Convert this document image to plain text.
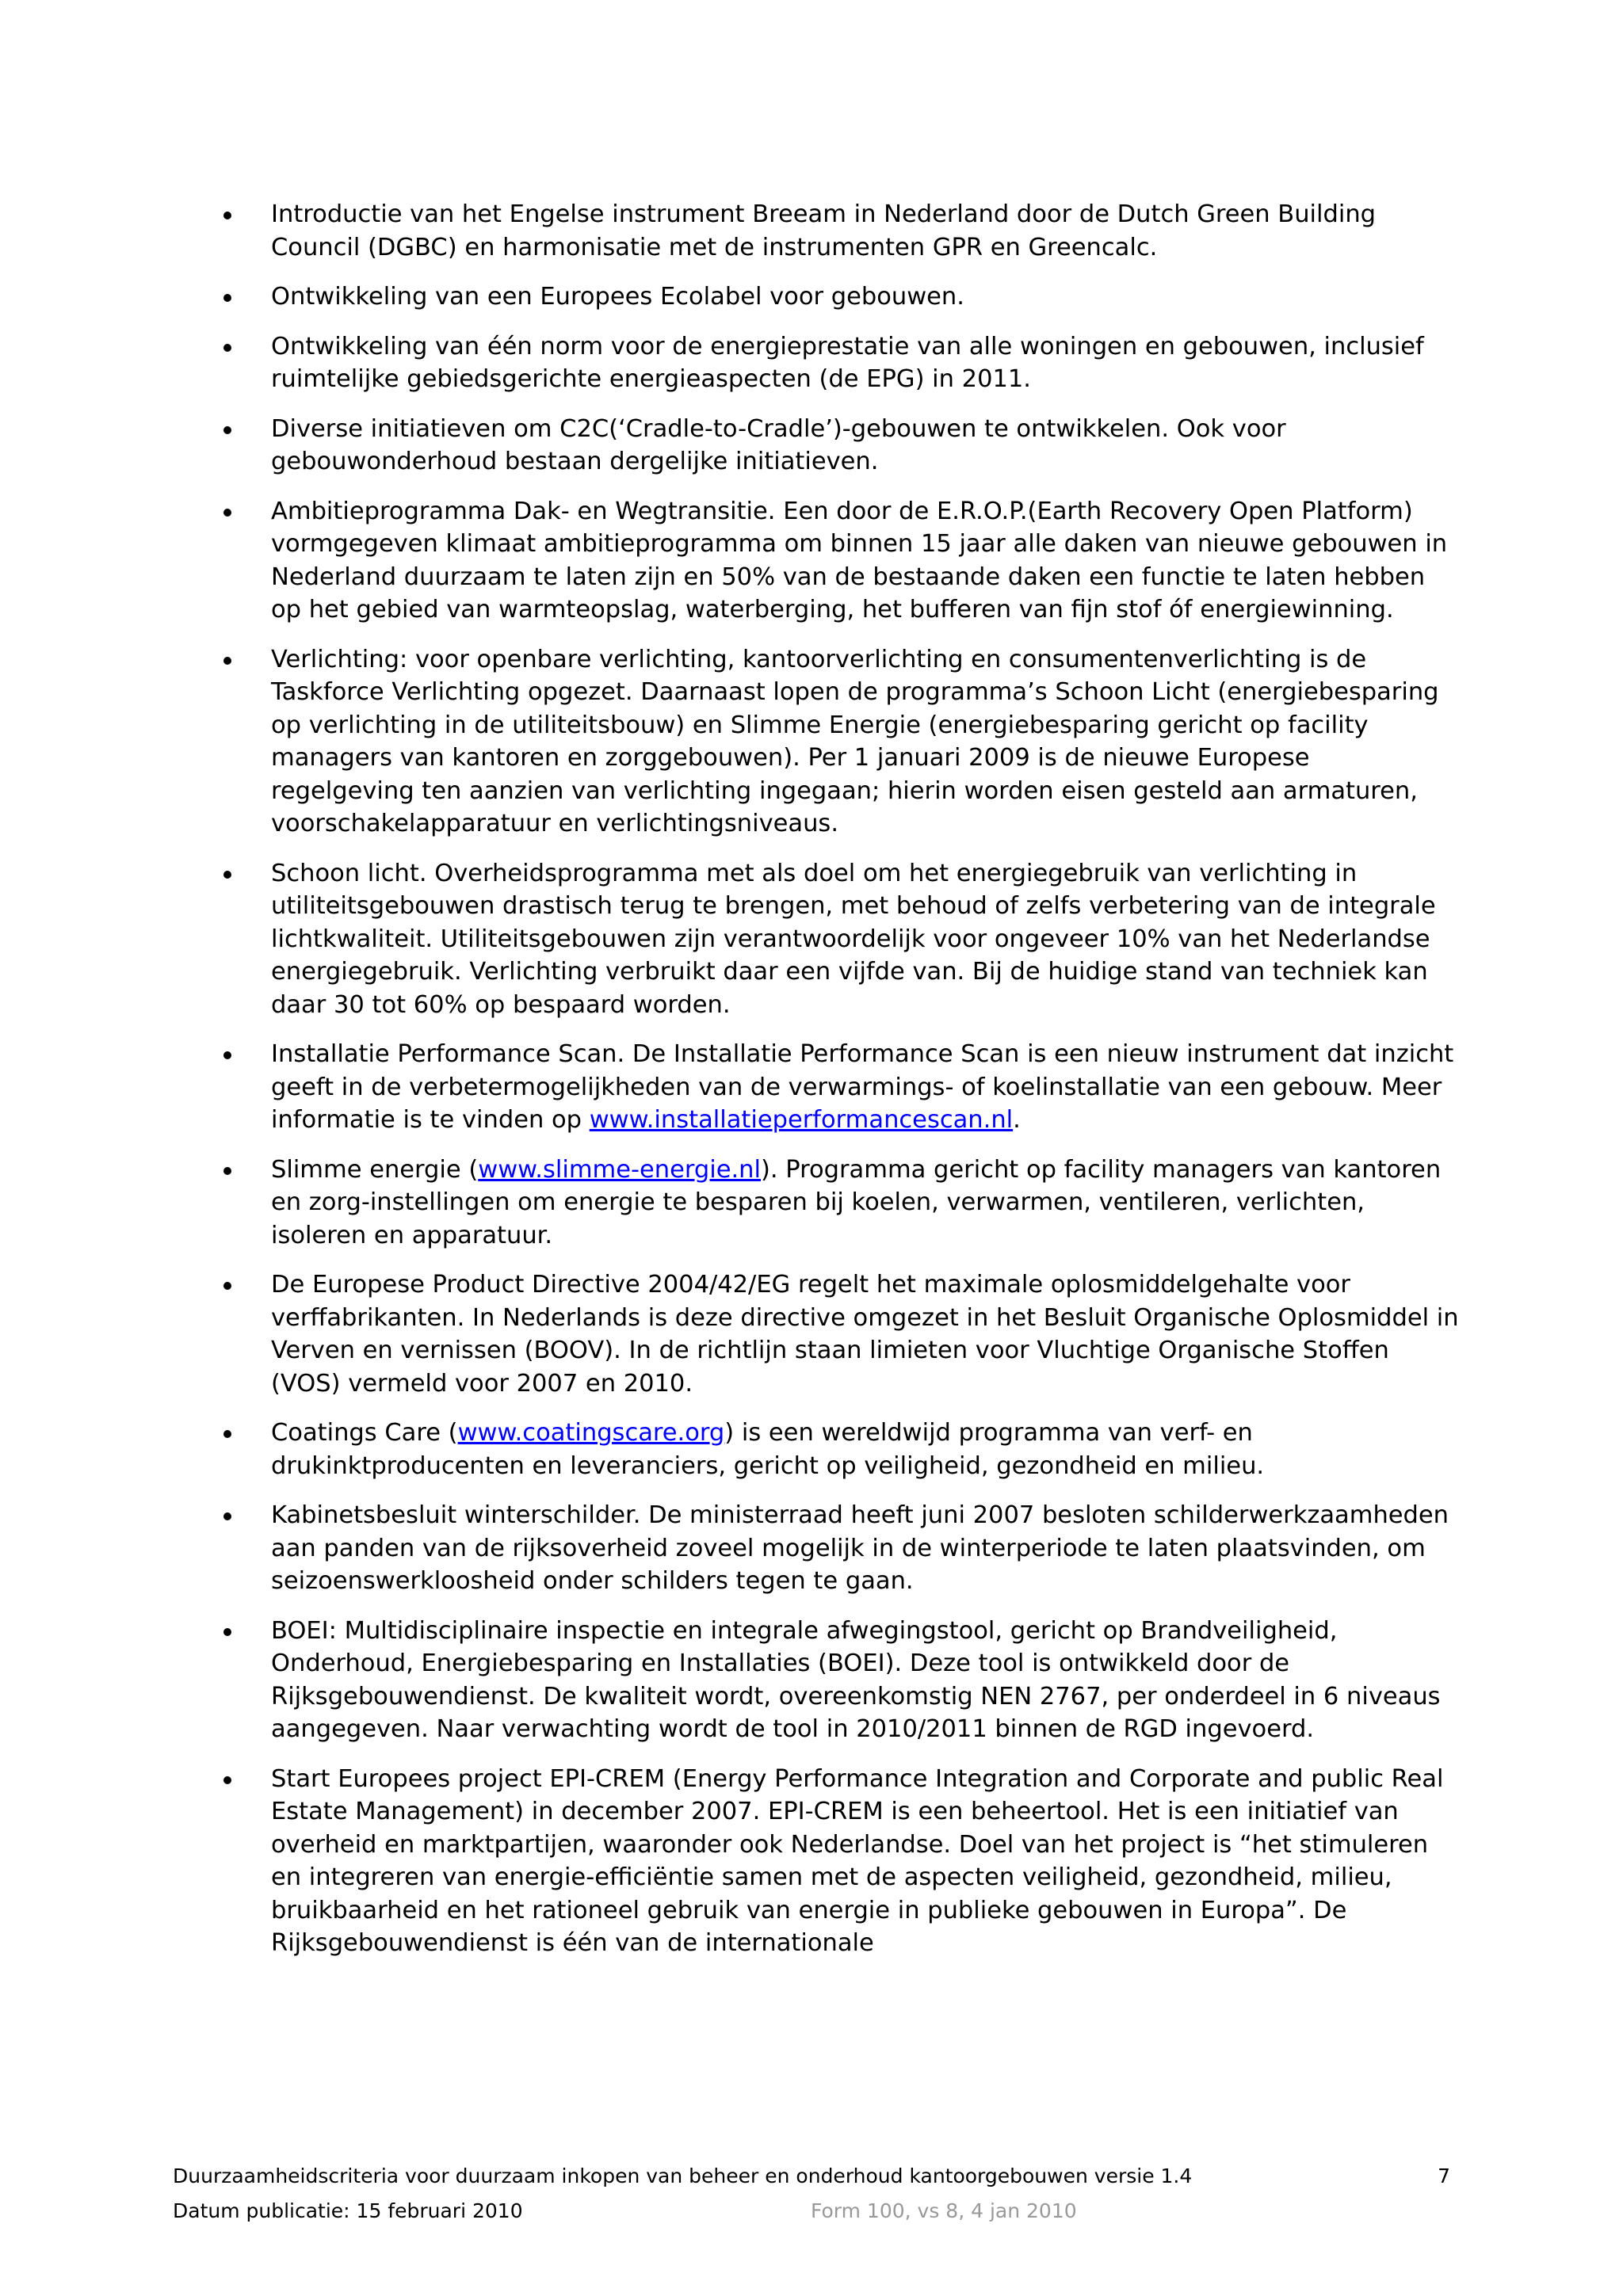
Introductie van het Engelse instrument Breeam in Nederland door de Dutch Green Building Council (DGBC) en harmonisatie met de instrumenten GPR en Greencalc.
Ontwikkeling van een Europees Ecolabel voor gebouwen.
Ontwikkeling van één norm voor de energieprestatie van alle woningen en gebouwen, inclusief ruimtelijke gebiedsgerichte energieaspecten (de EPG) in 2011.
Diverse initiatieven om C2C(‘Cradle-to-Cradle’)-gebouwen te ontwikkelen. Ook voor gebouwonderhoud bestaan dergelijke initiatieven.
Ambitieprogramma Dak- en Wegtransitie. Een door de E.R.O.P.(Earth Recovery Open Platform) vormgegeven klimaat ambitieprogramma om binnen 15 jaar alle daken van nieuwe gebouwen in Nederland duurzaam te laten zijn en 50% van de bestaande daken een functie te laten hebben op het gebied van warmteopslag, waterberging, het bufferen van fijn stof óf energiewinning.
Verlichting: voor openbare verlichting, kantoorverlichting en consumentenverlichting is de Taskforce Verlichting opgezet. Daarnaast lopen de programma’s Schoon Licht (energiebesparing op verlichting in de utiliteitsbouw) en Slimme Energie (energiebesparing gericht op facility managers van kantoren en zorggebouwen). Per 1 januari 2009 is de nieuwe Europese regelgeving ten aanzien van verlichting ingegaan; hierin worden eisen gesteld aan armaturen, voorschakelapparatuur en verlichtingsniveaus.
Schoon licht. Overheidsprogramma met als doel om het energiegebruik van verlichting in utiliteitsgebouwen drastisch terug te brengen, met behoud of zelfs verbetering van de integrale lichtkwaliteit. Utiliteitsgebouwen zijn verantwoordelijk voor ongeveer 10% van het Nederlandse energiegebruik. Verlichting verbruikt daar een vijfde van. Bij de huidige stand van techniek kan daar 30 tot 60% op bespaard worden.
Installatie Performance Scan. De Installatie Performance Scan is een nieuw instrument dat inzicht geeft in de verbetermogelijkheden van de verwarmings- of koelinstallatie van een gebouw. Meer informatie is te vinden op www.installatieperformancescan.nl.
Slimme energie (www.slimme-energie.nl). Programma gericht op facility managers van kantoren en zorg-instellingen om energie te besparen bij koelen, verwarmen, ventileren, verlichten, isoleren en apparatuur.
De Europese Product Directive 2004/42/EG regelt het maximale oplosmiddelgehalte voor verffabrikanten. In Nederlands is deze directive omgezet in het Besluit Organische Oplosmiddel in Verven en vernissen (BOOV). In de richtlijn staan limieten voor Vluchtige Organische Stoffen (VOS) vermeld voor 2007 en 2010.
Coatings Care (www.coatingscare.org) is een wereldwijd programma van verf- en drukinktproducenten en leveranciers, gericht op veiligheid, gezondheid en milieu.
Kabinetsbesluit winterschilder. De ministerraad heeft juni 2007 besloten schilderwerkzaamheden aan panden van de rijksoverheid zoveel mogelijk in de winterperiode te laten plaatsvinden, om seizoenswerkloosheid onder schilders tegen te gaan.
BOEI: Multidisciplinaire inspectie en integrale afwegingstool, gericht op Brandveiligheid, Onderhoud, Energiebesparing en Installaties (BOEI). Deze tool is ontwikkeld door de Rijksgebouwendienst. De kwaliteit wordt, overeenkomstig NEN 2767, per onderdeel in 6 niveaus aangegeven. Naar verwachting wordt de tool in 2010/2011 binnen de RGD ingevoerd.
Start Europees project EPI-CREM (Energy Performance Integration and Corporate and public Real Estate Management) in december 2007. EPI-CREM is een beheertool. Het is een initiatief van overheid en marktpartijen, waaronder ook Nederlandse. Doel van het project is “het stimuleren en integreren van energie-efficiëntie samen met de aspecten veiligheid, gezondheid, milieu, bruikbaarheid en het rationeel gebruik van energie in publieke gebouwen in Europa”. De Rijksgebouwendienst is één van de internationale
Duurzaamheidscriteria voor duurzaam inkopen van beheer en onderhoud kantoorgebouwen versie 1.4	7
Datum publicatie: 15 februari 2010	Form 100, vs 8, 4 jan 2010
